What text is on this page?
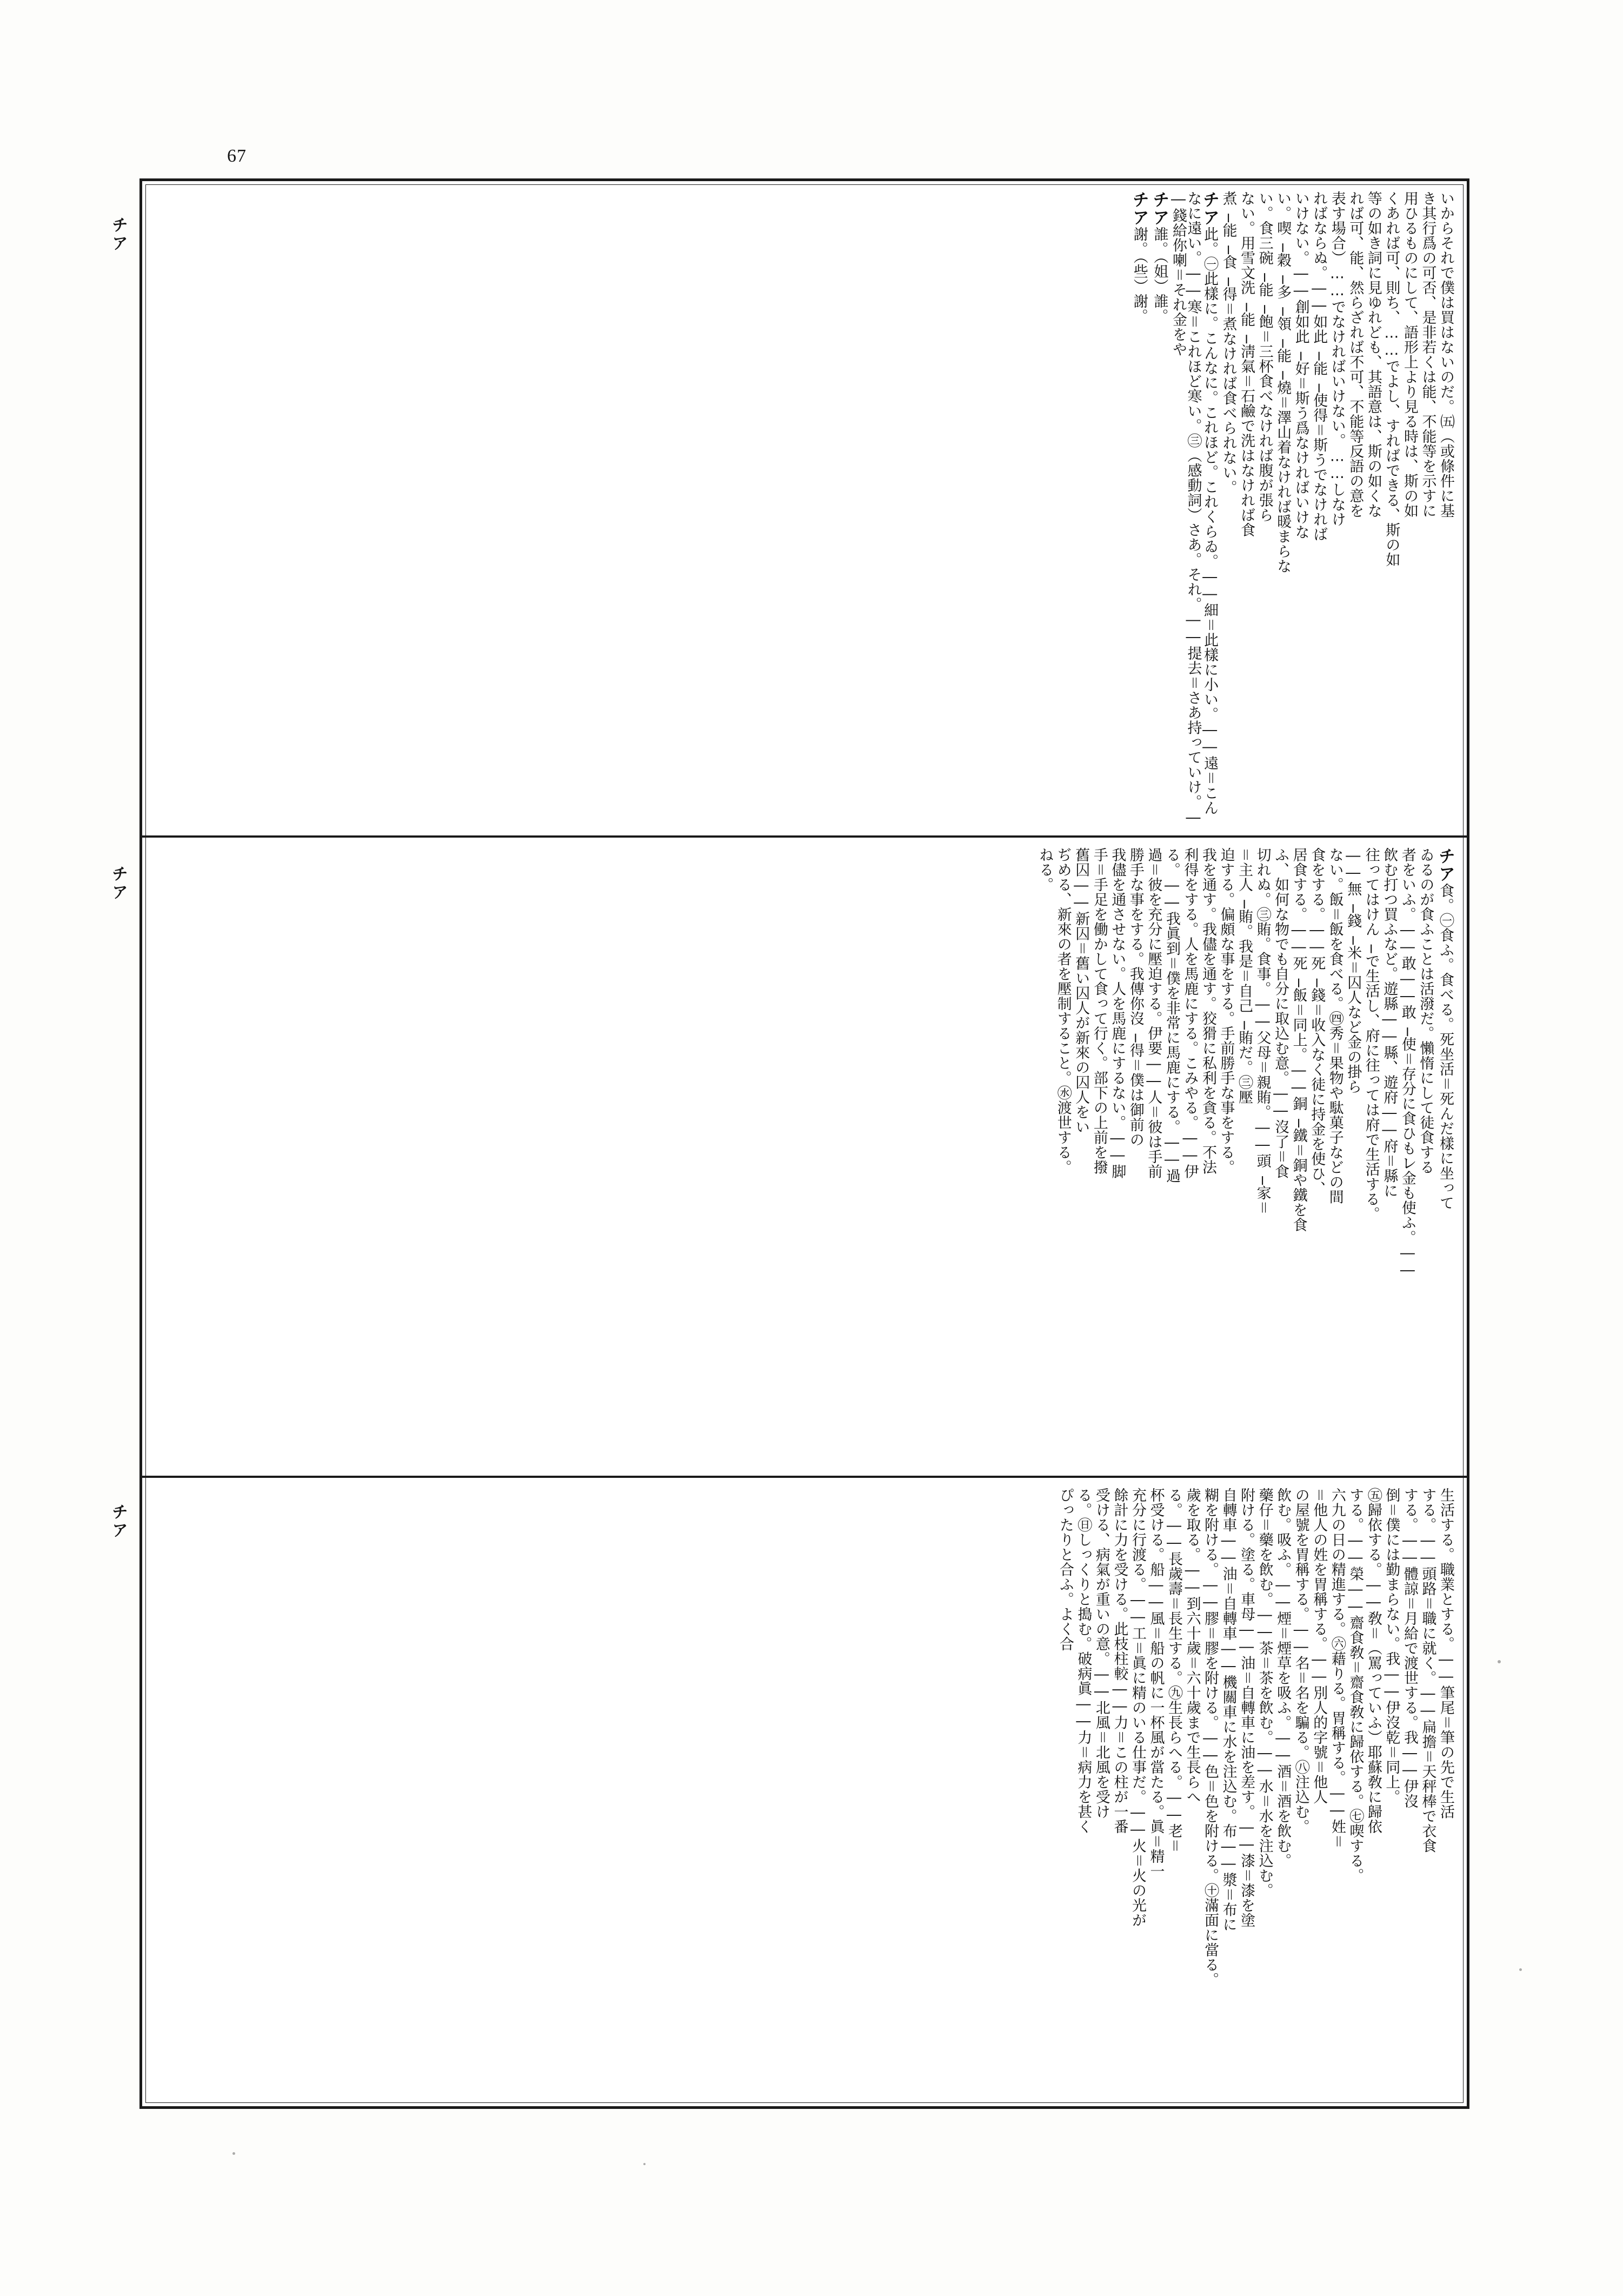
67
チア
チア
チア
いからそれで僕は買はないのだ。㈤（或條件に基
き其行爲の可否、是非若くは能、不能等を示すに
用ひるものにして、語形上より見る時は、斯の如
くあれば可、則ち、……でよし、すればできる、斯の如
等の如き詞に見ゆれども、其語意は、斯の如くな
れば可、能、然らざれば不可、不能等反語の意を
表す場合）……でなければいけない。……しなけ
ればならぬ。――如此╷能╷使得＝斯うでなければ
いけない。――創如此╷好＝斯う爲なければいけな
い。喫╷穀╷多╷領╷能╷燒＝澤山着なければ暖まらな
い。食三碗╷能╷飽＝三杯食べなければ腹が張ら
ない。用雪文洗╷能╷淸氣＝石鹼で洗はなければ食
煮╷能╷食╷得＝煮なければ食べられない。
チア此。㊀此樣に。こんなに。これほど。これくらゐ。――細＝此樣に小い。――遠＝こんなに遠い。――寒＝これほど寒い。㊂（感動詞）さあ。それ。――提去＝さあ持っていけ。――錢給你喇＝それ金をや
チア誰。（姐）誰。
チア謝。（些）謝。
チア食。㊀食ふ。食べる。死坐活＝死んだ樣に坐って
ゐるのが食ふことは活潑だ。懶惰にして徒食する
者をいふ。――敢――敢╷使＝存分に食ひも㆑金も使ふ。――
飲む打つ買ふなど。遊縣――縣、遊府――府＝縣に
往ってはけん╷で生活し、府に往っては府で生活する。
――無╷錢╷米＝囚人など金の掛ら
ない。飯＝飯を食べる。㊃秀＝果物や駄菓子などの間
食をする。――死╷錢＝收入なく徒に持金を使ひ、
居食する。――死╷飯＝同上。――銅╷鐵＝銅や鐵を食
ふ、如何な物でも自分に取込む意。――沒了＝食
切れぬ。㊂賄。食事。――父母＝親賄。――頭╷家＝
＝主人╷賄。我是＝自己╷賄だ。㊂壓
迫する。偏頗な事をする。手前勝手な事をする。
我を通す。我儘を通す。狡猾に私利を貪る。不法
利得をする。人を馬鹿にする。こみやる。――伊
る。――我眞到＝僕を非常に馬鹿にする。――過
過＝彼を充分に壓迫する。伊要――人＝彼は手前
勝手な事をする。我傳你沒╷得＝僕は御前の
我儘を通させない。人を馬鹿にするない。――脚
手＝手足を働かして食って行く。部下の上前を撥
舊囚――新囚＝舊い囚人が新來の囚人をい
ぢめる、新來の者を壓制すること。㊌渡世する。
ねる。
生活する。職業とする。――筆尾＝筆の先で生活
する。――頭路＝職に就く。――扁擔＝天秤棒で衣食
する。――體諒＝月給で渡世する。我――伊沒
倒＝僕には勤まらない。我――伊沒乾＝同上。
㊄歸依する。――敎＝（罵っていふ）耶蘇敎に歸依
する。――榮――齋食敎＝齋食敎に歸依する。㊆喫する。
六九の日の精進する。㊅藉りる。胃稱する。――姓＝
＝他人の姓を胃稱する。――別人的字號＝他人
の屋號を胃稱する。――名＝名を騙る。㊇注込む。
飲む。吸ふ。――煙＝煙草を吸ふ。――酒＝酒を飲む。
藥仔＝藥を飲む。――茶＝茶を飲む。――水＝水を注込む。
附ける。塗る。車母――油＝自轉車に油を差す。――漆＝漆を塗
自轉車――油＝自轉車――機關車に水を注込む。布――漿＝布に
糊を附ける。――膠＝膠を附ける。――色＝色を附ける。㊉滿面に當る。
歲を取る。――到六十歲＝六十歲まで生長らへ
る。――長歲壽＝長生する。㊈生長らへる。――老＝
杯受ける。船――風＝船の帆に一杯風が當たる。眞＝精一
充分に行渡る。――工＝眞に精のいる仕事だ。――火＝火の光が
餘計に力を受ける。此枝柱較――力＝この柱が一番
受ける、病氣が重いの意。――北風＝北風を受け
る。㊐しっくりと搗む。破病眞――力＝病力を甚く
ぴったりと合ふ。よく合
